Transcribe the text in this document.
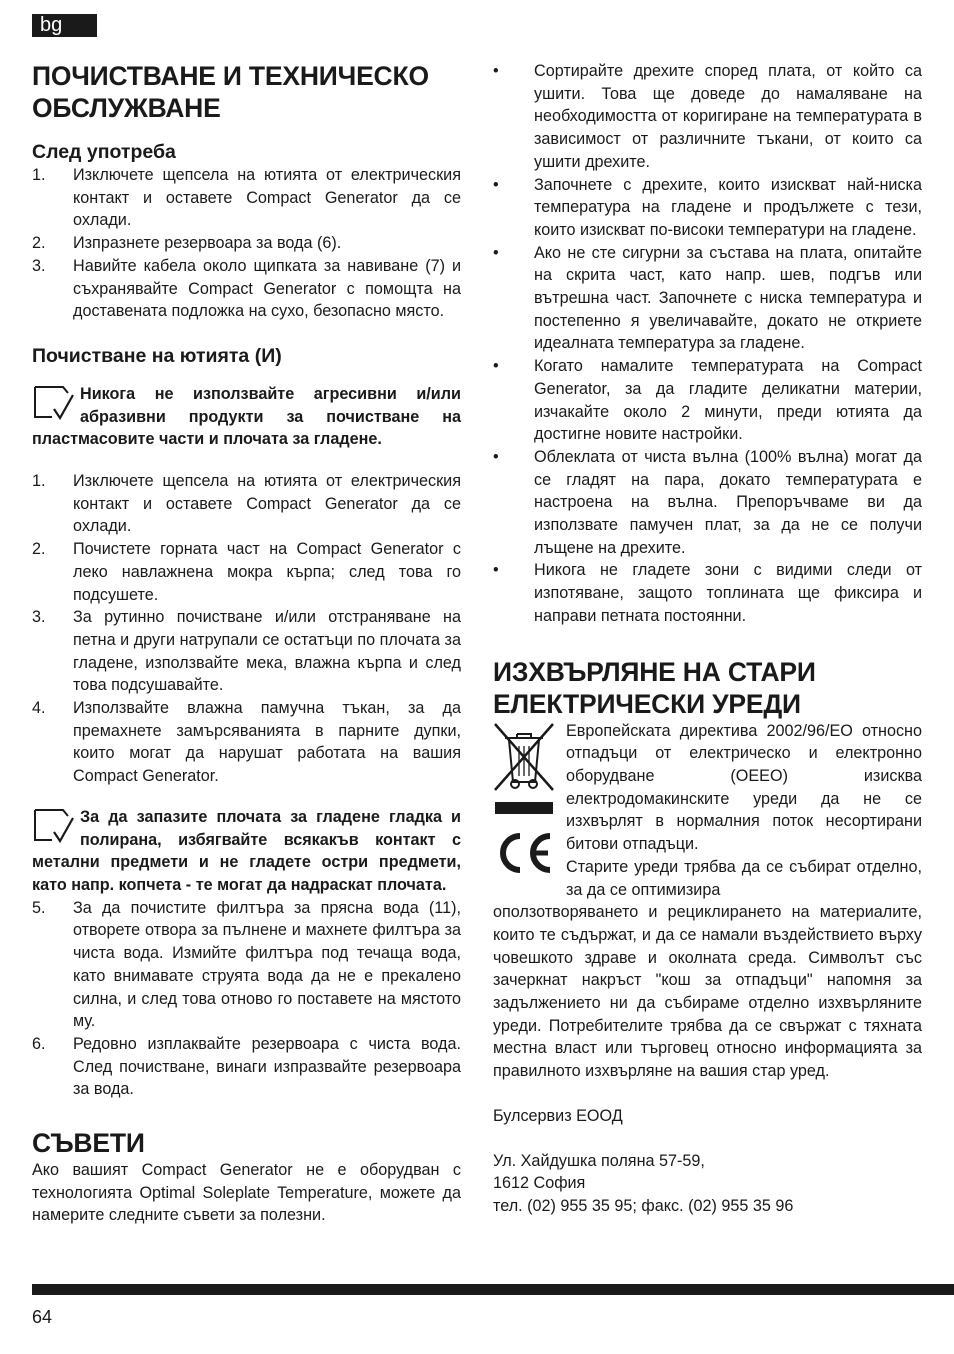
bg
ПОЧИСТВАНЕ И ТЕХНИЧЕСКО ОБСЛУЖВАНЕ
След употреба
1. Изключете щепсела на ютията от електрическия контакт и оставете Compact Generator да се охлади.
2. Изпразнете резервоара за вода (6).
3. Навийте кабела около щипката за навиване (7) и съхранявайте Compact Generator с помощта на доставената подложка на сухо, безопасно място.
Почистване на ютията (И)
Никога не използвайте агресивни и/или абразивни продукти за почистване на пластмасовите части и плочата за гладене.
1. Изключете щепсела на ютията от електрическия контакт и оставете Compact Generator да се охлади.
2. Почистете горната част на Compact Generator с леко навлажнена мокра кърпа; след това го подсушете.
3. За рутинно почистване и/или отстраняване на петна и други натрупали се остатъци по плочата за гладене, използвайте мека, влажна кърпа и след това подсушавайте.
4. Използвайте влажна памучна тъкан, за да премахнете замърсяванията в парните дупки, които могат да нарушат работата на вашия Compact Generator.
За да запазите плочата за гладене гладка и полирана, избягвайте всякакъв контакт с метални предмети и не гладете остри предмети, като напр. копчета - те могат да надраскат плочата.
5. За да почистите филтъра за прясна вода (11), отворете отвора за пълнене и махнете филтъра за чиста вода. Измийте филтъра под течаща вода, като внимавате струята вода да не е прекалено силна, и след това отново го поставете на мястото му.
6. Редовно изплаквайте резервоара с чиста вода. След почистване, винаги изпразвайте резервоара за вода.
СЪВЕТИ

Ако вашият Compact Generator не е оборудван с технологията Optimal Soleplate Temperature, можете да намерите следните съвети за полезни.

• Сортирайте дрехите според плата, от който са ушити. Това ще доведе до намаляване на необходимостта от коригиране на температурата в зависимост от различните тъкани, от които са ушити дрехите.
• Започнете с дрехите, които изискват най-ниска температура на гладене и продължете с тези, които изискват по-високи температури на гладене.
• Ако не сте сигурни за състава на плата, опитайте на скрита част, като напр. шев, подгъв или вътрешна част. Започнете с ниска температура и постепенно я увеличавайте, докато не откриете идеалната температура за гладене.
• Когато намалите температурата на Compact Generator, за да гладите деликатни материи, изчакайте около 2 минути, преди ютията да достигне новите настройки.
• Облеклата от чиста вълна (100% вълна) могат да се гладят на пара, докато температурата е настроена на вълна. Препоръчваме ви да използвате памучен плат, за да не се получи лъщене на дрехите.
• Никога не гладете зони с видими следи от изпотяване, защото топлината ще фиксира и направи петната постоянни.
ИЗХВЪРЛЯНЕ НА СТАРИ ЕЛЕКТРИЧЕСКИ УРЕДИ
Европейската директива 2002/96/EO относно отпадъци от електрическо и електронно оборудване (ОЕЕО) изисква електродомакинските уреди да не се изхвърлят в нормалния поток несортирани битови отпадъци.
Старите уреди трябва да се събират отделно, за да се оптимизира

оползотворяването и рециклирането на материалите, които те съдържат, и да се намали въздействието върху човешкото здраве и околната среда. Символът със зачеркнат накръст "кош за отпадъци" напомня за задължението ни да събираме отделно изхвърляните уреди. Потребителите трябва да се свържат с тяхната местна власт или търговец относно информацията за правилното изхвърляне на вашия стар уред.

Булсервиз ЕООД

Ул. Хайдушка поляна 57-59,

1612 София

тел. (02) 955 35 95; факс. (02) 955 35 96

64
